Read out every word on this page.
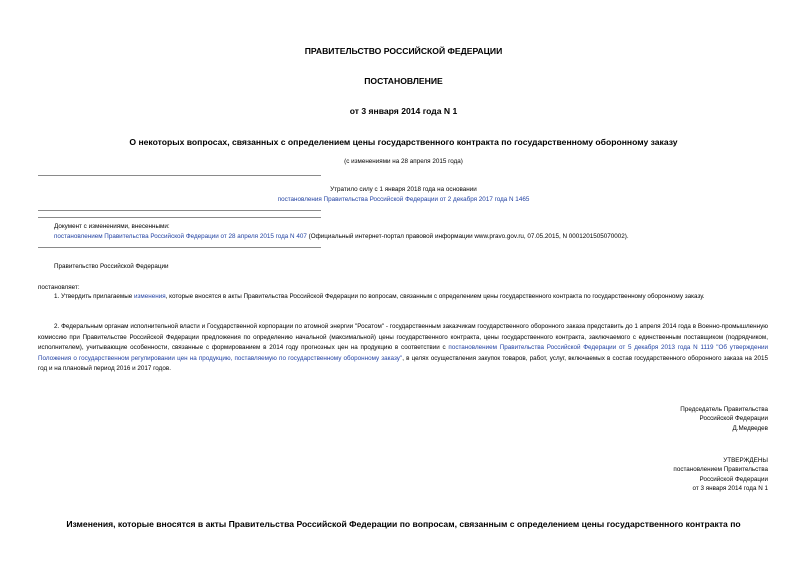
ПРАВИТЕЛЬСТВО РОССИЙСКОЙ ФЕДЕРАЦИИ
ПОСТАНОВЛЕНИЕ
от 3 января 2014 года N 1
О некоторых вопросах, связанных с определением цены государственного контракта по государственному оборонному заказу
(с изменениями на 28 апреля 2015 года)
Утратило силу с 1 января 2018 года на основании
постановления Правительства Российской Федерации от 2 декабря 2017 года N 1465
Документ с изменениями, внесенными:
постановлением Правительства Российской Федерации от 28 апреля 2015 года N 407 (Официальный интернет-портал правовой информации www.pravo.gov.ru, 07.05.2015, N 0001201505070002).
Правительство Российской Федерации
постановляет:
1. Утвердить прилагаемые изменения, которые вносятся в акты Правительства Российской Федерации по вопросам, связанным с определением цены государственного контракта по государственному оборонному заказу.
2. Федеральным органам исполнительной власти и Государственной корпорации по атомной энергии "Росатом" - государственным заказчикам государственного оборонного заказа представить до 1 апреля 2014 года в Военно-промышленную комиссию при Правительстве Российской Федерации предложения по определению начальной (максимальной) цены государственного контракта, цены государственного контракта, заключаемого с единственным поставщиком (подрядчиком, исполнителем), учитывающие особенности, связанные с формированием в 2014 году прогнозных цен на продукцию в соответствии с постановлением Правительства Российской Федерации от 5 декабря 2013 года N 1119 "Об утверждении Положения о государственном регулировании цен на продукцию, поставляемую по государственному оборонному заказу", в целях осуществления закупок товаров, работ, услуг, включаемых в состав государственного оборонного заказа на 2015 год и на плановый период 2016 и 2017 годов.
Председатель Правительства
Российской Федерации
Д.Медведев
УТВЕРЖДЕНЫ
постановлением Правительства
Российской Федерации
от 3 января 2014 года N 1
Изменения, которые вносятся в акты Правительства Российской Федерации по вопросам, связанным с определением цены государственного контракта по
